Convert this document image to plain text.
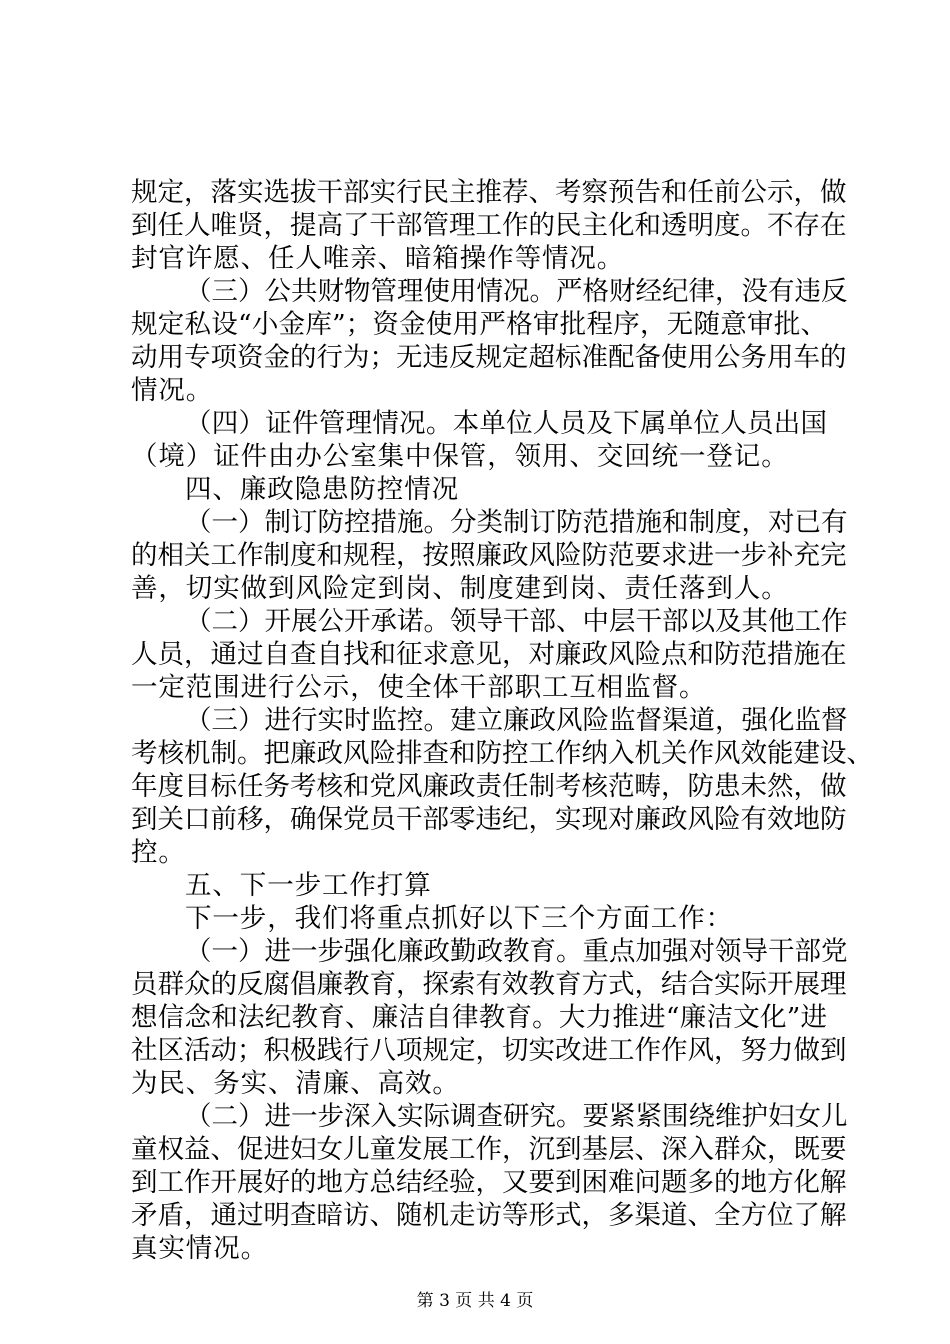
规定，落实选拔干部实行民主推荐、考察预告和任前公示，做
到任人唯贤，提高了干部管理工作的民主化和透明度。不存在
封官许愿、任人唯亲、暗箱操作等情况。
（三）公共财物管理使用情况。严格财经纪律，没有违反
规定私设“小金库”；资金使用严格审批程序，无随意审批、
动用专项资金的行为；无违反规定超标准配备使用公务用车的
情况。
（四）证件管理情况。本单位人员及下属单位人员出国
（境）证件由办公室集中保管，领用、交回统一登记。
四、廉政隐患防控情况
（一）制订防控措施。分类制订防范措施和制度，对已有
的相关工作制度和规程，按照廉政风险防范要求进一步补充完
善，切实做到风险定到岗、制度建到岗、责任落到人。
（二）开展公开承诺。领导干部、中层干部以及其他工作
人员，通过自查自找和征求意见，对廉政风险点和防范措施在
一定范围进行公示，使全体干部职工互相监督。
（三）进行实时监控。建立廉政风险监督渠道，强化监督
考核机制。把廉政风险排查和防控工作纳入机关作风效能建设、
年度目标任务考核和党风廉政责任制考核范畴，防患未然，做
到关口前移，确保党员干部零违纪，实现对廉政风险有效地防
控。
五、下一步工作打算
下一步，我们将重点抓好以下三个方面工作：
（一）进一步强化廉政勤政教育。重点加强对领导干部党
员群众的反腐倡廉教育，探索有效教育方式，结合实际开展理
想信念和法纪教育、廉洁自律教育。大力推进“廉洁文化”进
社区活动；积极践行八项规定，切实改进工作作风，努力做到
为民、务实、清廉、高效。
（二）进一步深入实际调查研究。要紧紧围绕维护妇女儿
童权益、促进妇女儿童发展工作，沉到基层、深入群众，既要
到工作开展好的地方总结经验，又要到困难问题多的地方化解
矛盾，通过明查暗访、随机走访等形式，多渠道、全方位了解
真实情况。
第 3 页 共 4 页
